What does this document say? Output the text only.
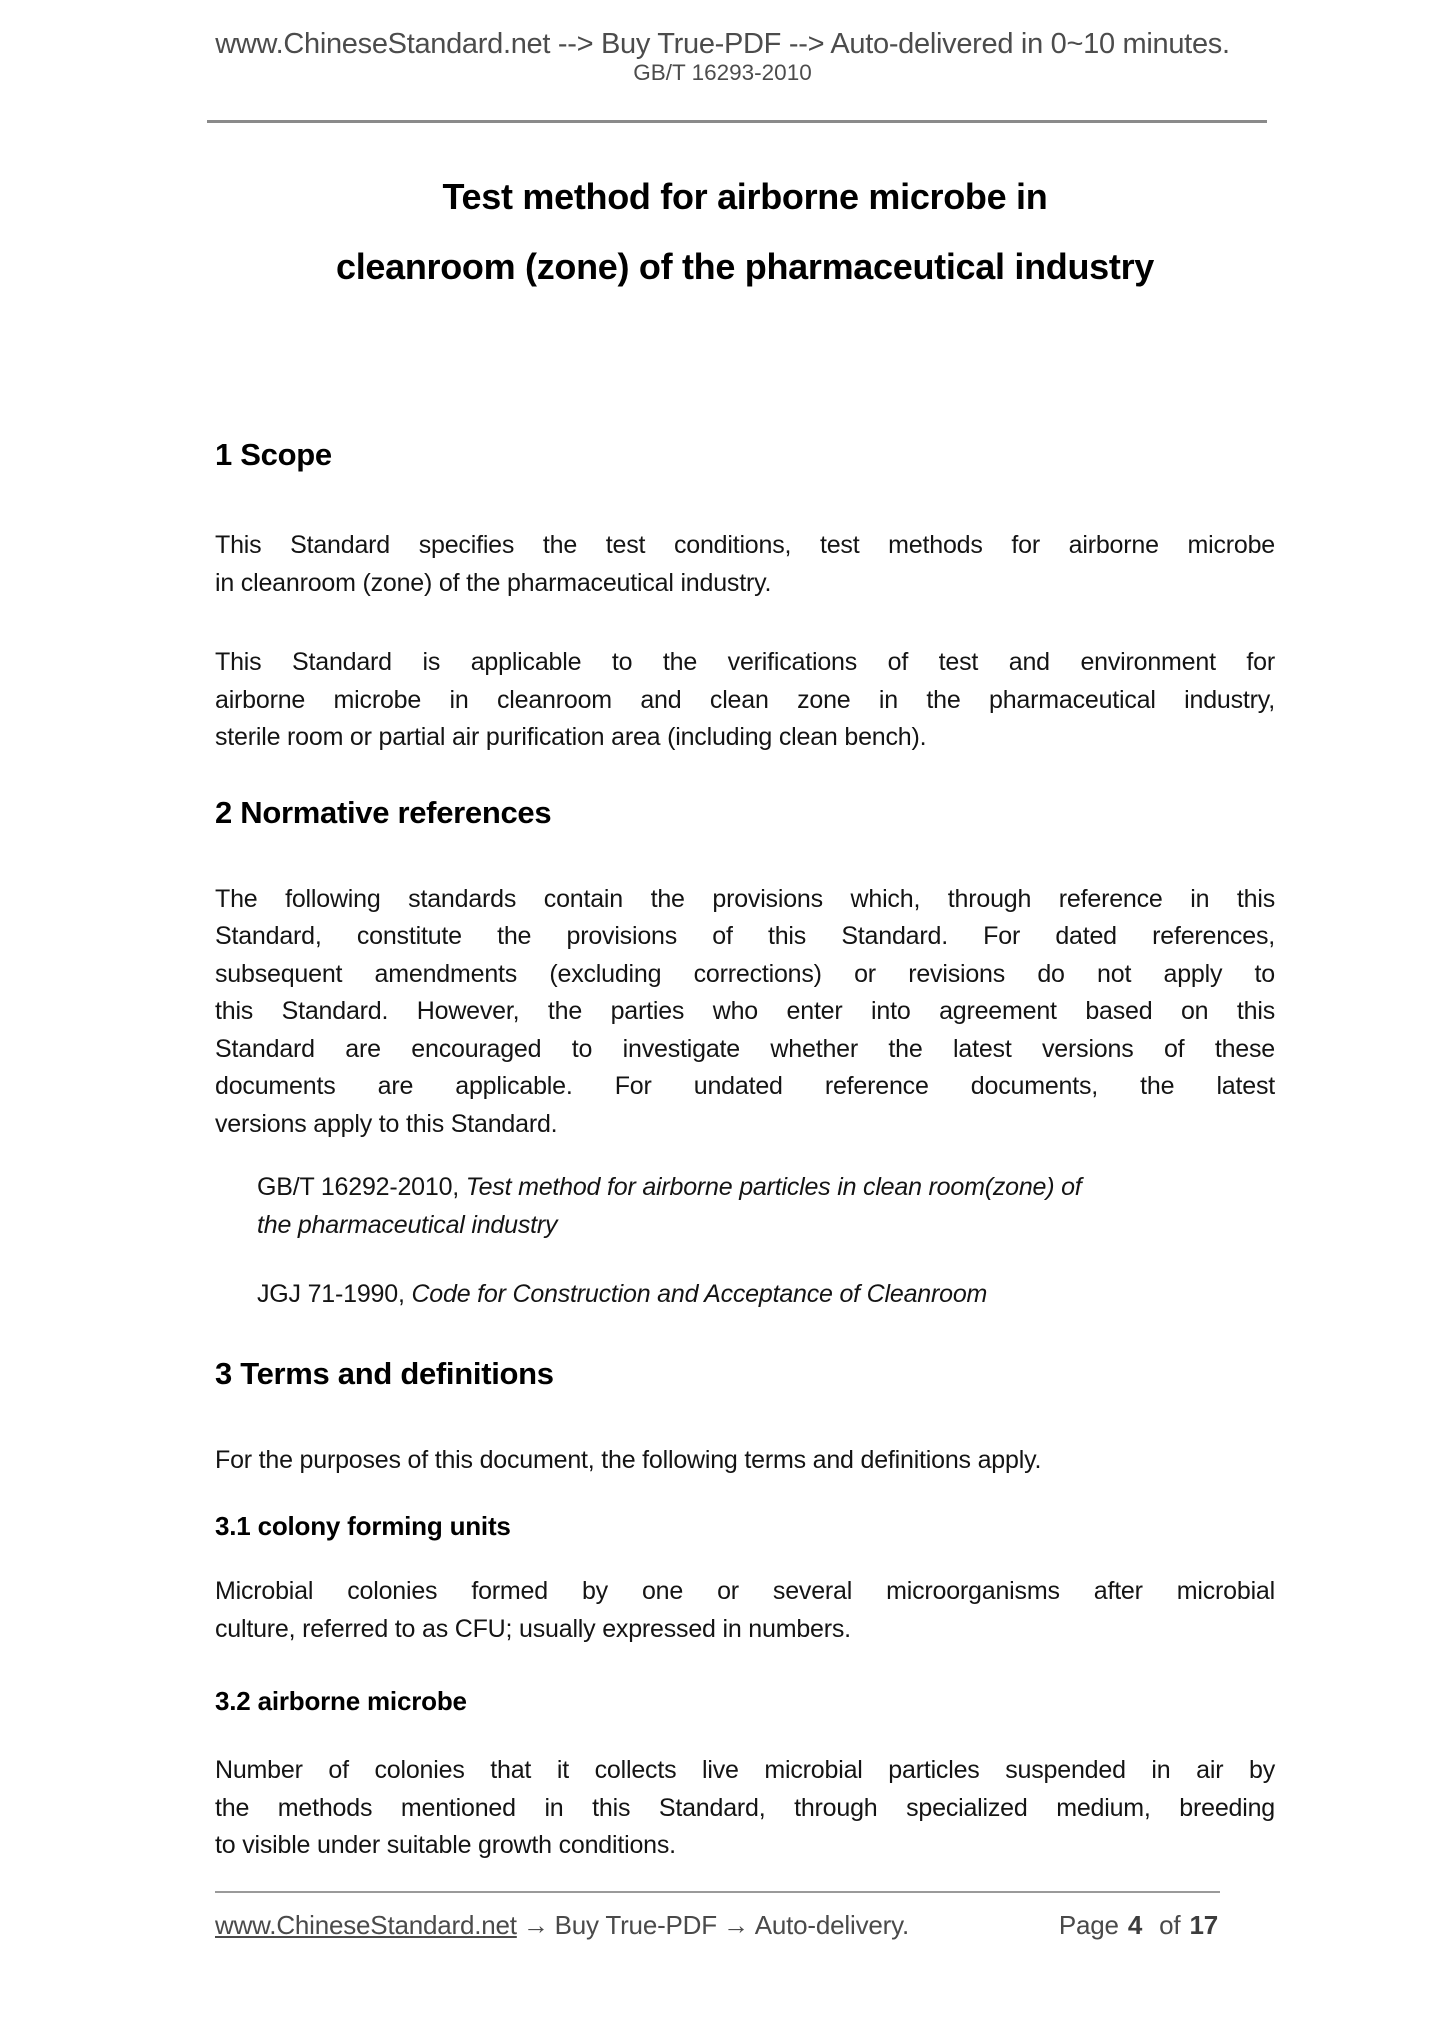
www.ChineseStandard.net --> Buy True-PDF --> Auto-delivered in 0~10 minutes.
GB/T 16293-2010
Test method for airborne microbe in
cleanroom (zone) of the pharmaceutical industry
1 Scope
This Standard specifies the test conditions, test methods for airborne microbe
in cleanroom (zone) of the pharmaceutical industry.
This Standard is applicable to the verifications of test and environment for
airborne microbe in cleanroom and clean zone in the pharmaceutical industry,
sterile room or partial air purification area (including clean bench).
2 Normative references
The following standards contain the provisions which, through reference in this
Standard, constitute the provisions of this Standard. For dated references,
subsequent amendments (excluding corrections) or revisions do not apply to
this Standard. However, the parties who enter into agreement based on this
Standard are encouraged to investigate whether the latest versions of these
documents are applicable. For undated reference documents, the latest
versions apply to this Standard.
GB/T 16292-2010, Test method for airborne particles in clean room(zone) of
the pharmaceutical industry
JGJ 71-1990, Code for Construction and Acceptance of Cleanroom
3 Terms and definitions
For the purposes of this document, the following terms and definitions apply.
3.1 colony forming units
Microbial colonies formed by one or several microorganisms after microbial
culture, referred to as CFU; usually expressed in numbers.
3.2 airborne microbe
Number of colonies that it collects live microbial particles suspended in air by
the methods mentioned in this Standard, through specialized medium, breeding
to visible under suitable growth conditions.
www.ChineseStandard.net → Buy True-PDF → Auto-delivery.	Page 4 of 17
